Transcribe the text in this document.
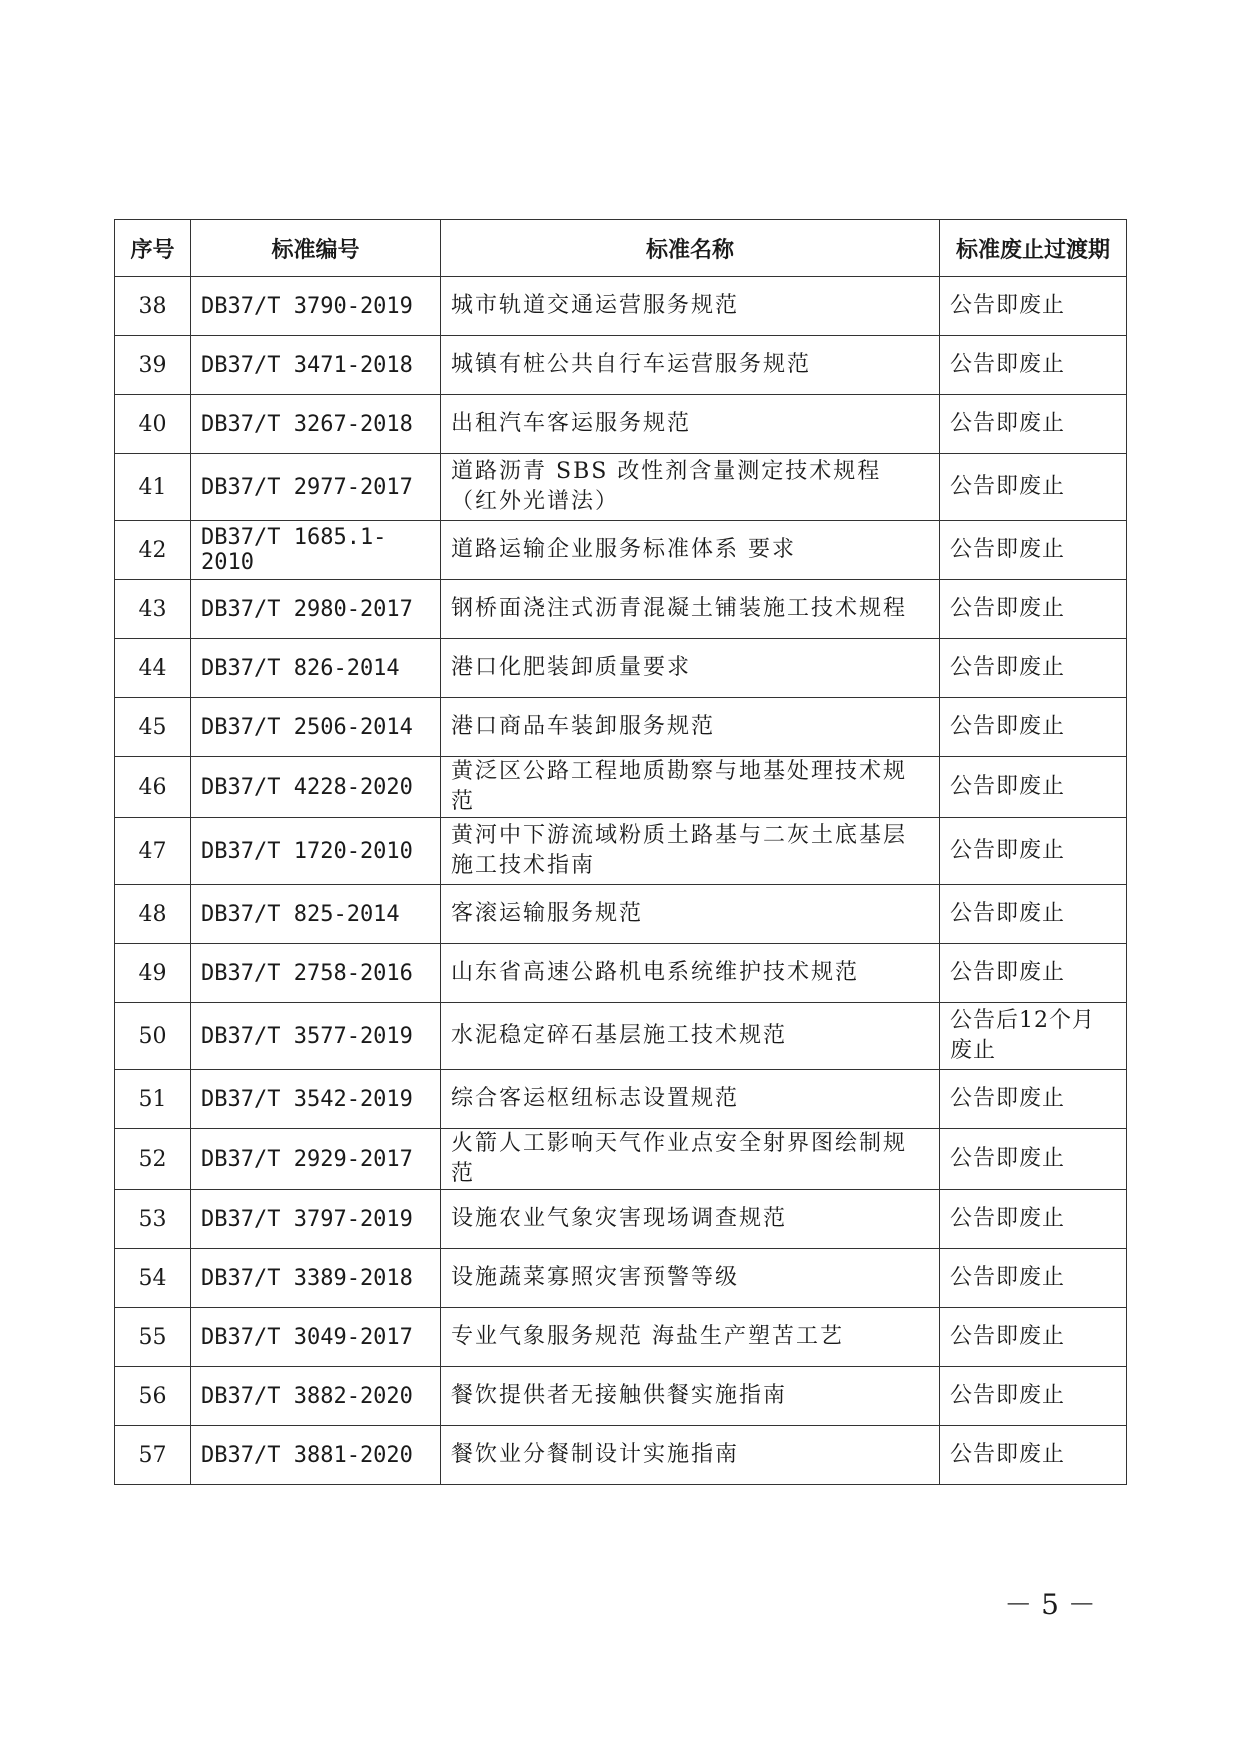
序号	标准编号	标准名称	标准废止过渡期
38	DB37/T 3790-2019	城市轨道交通运营服务规范	公告即废止
39	DB37/T 3471-2018	城镇有桩公共自行车运营服务规范	公告即废止
40	DB37/T 3267-2018	出租汽车客运服务规范	公告即废止
41	DB37/T 2977-2017	道路沥青 SBS 改性剂含量测定技术规程（红外光谱法）	公告即废止
42	DB37/T 1685.1-2010	道路运输企业服务标准体系 要求	公告即废止
43	DB37/T 2980-2017	钢桥面浇注式沥青混凝土铺装施工技术规程	公告即废止
44	DB37/T 826-2014	港口化肥装卸质量要求	公告即废止
45	DB37/T 2506-2014	港口商品车装卸服务规范	公告即废止
46	DB37/T 4228-2020	黄泛区公路工程地质勘察与地基处理技术规范	公告即废止
47	DB37/T 1720-2010	黄河中下游流域粉质土路基与二灰土底基层施工技术指南	公告即废止
48	DB37/T 825-2014	客滚运输服务规范	公告即废止
49	DB37/T 2758-2016	山东省高速公路机电系统维护技术规范	公告即废止
50	DB37/T 3577-2019	水泥稳定碎石基层施工技术规范	公告后12个月废止
51	DB37/T 3542-2019	综合客运枢纽标志设置规范	公告即废止
52	DB37/T 2929-2017	火箭人工影响天气作业点安全射界图绘制规范	公告即废止
53	DB37/T 3797-2019	设施农业气象灾害现场调查规范	公告即废止
54	DB37/T 3389-2018	设施蔬菜寡照灾害预警等级	公告即废止
55	DB37/T 3049-2017	专业气象服务规范 海盐生产塑苫工艺	公告即废止
56	DB37/T 3882-2020	餐饮提供者无接触供餐实施指南	公告即废止
57	DB37/T 3881-2020	餐饮业分餐制设计实施指南	公告即废止
－ 5 －
